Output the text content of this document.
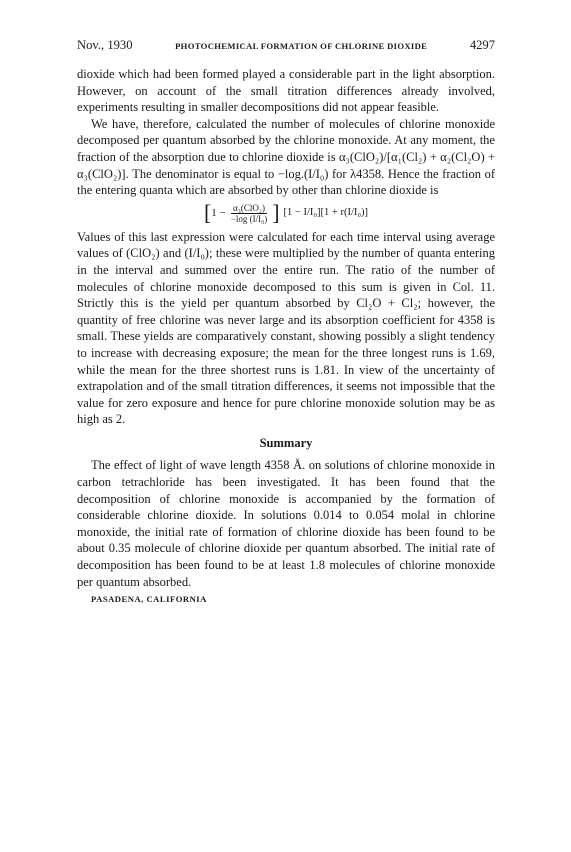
Nov., 1930	PHOTOCHEMICAL FORMATION OF CHLORINE DIOXIDE	4297

dioxide which had been formed played a considerable part in the light absorption. However, on account of the small titration differences already involved, experiments resulting in smaller decompositions did not appear feasible.

We have, therefore, calculated the number of molecules of chlorine monoxide decomposed per quantum absorbed by the chlorine monoxide. At any moment, the fraction of the absorption due to chlorine dioxide is α₃(ClO₂)/[α₁(Cl₂) + α₂(Cl₂O) + α₃(ClO₂)]. The denominator is equal to −log.(I/I₀) for λ4358. Hence the fraction of the entering quanta which are absorbed by other than chlorine dioxide is

[ $1 - \frac{\text{α₃(ClO₂)}}{\text{−log (I/I₀)}}$ ] [1 − I/I₀][1 + r(I/I₀)]

Values of this last expression were calculated for each time interval using average values of (ClO₂) and (I/I₀); these were multiplied by the number of quanta entering in the interval and summed over the entire run. The ratio of the number of molecules of chlorine monoxide decomposed to this sum is given in Col. 11. Strictly this is the yield per quantum absorbed by Cl₂O + Cl₂; however, the quantity of free chlorine was never large and its absorption coefficient for 4358 is small. These yields are comparatively constant, showing possibly a slight tendency to increase with decreasing exposure; the mean for the three longest runs is 1.69, while the mean for the three shortest runs is 1.81. In view of the uncertainty of extrapolation and of the small titration differences, it seems not impossible that the value for zero exposure and hence for pure chlorine monoxide solution may be as high as 2.

Summary

The effect of light of wave length 4358 Å. on solutions of chlorine monoxide in carbon tetrachloride has been investigated. It has been found that the decomposition of chlorine monoxide is accompanied by the formation of considerable chlorine dioxide. In solutions 0.014 to 0.054 molal in chlorine monoxide, the initial rate of formation of chlorine dioxide has been found to be about 0.35 molecule of chlorine dioxide per quantum absorbed. The initial rate of decomposition has been found to be at least 1.8 molecules of chlorine monoxide per quantum absorbed.

PASADENA, CALIFORNIA
